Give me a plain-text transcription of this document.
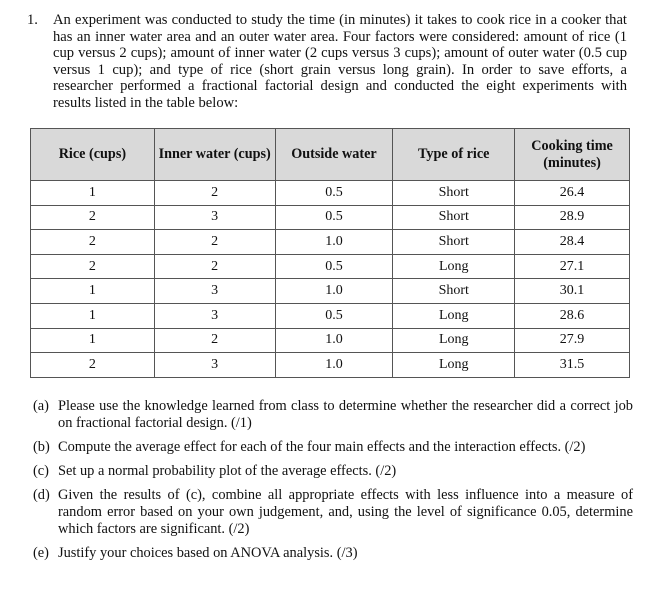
1. An experiment was conducted to study the time (in minutes) it takes to cook rice in a cooker that has an inner water area and an outer water area. Four factors were considered: amount of rice (1 cup versus 2 cups); amount of inner water (2 cups versus 3 cups); amount of outer water (0.5 cup versus 1 cup); and type of rice (short grain versus long grain). In order to save efforts, a researcher performed a fractional factorial design and conducted the eight experiments with results listed in the table below:
Rice (cups)	Inner water (cups)	Outside water	Type of rice	Cooking time (minutes)
1	2	0.5	Short	26.4
2	3	0.5	Short	28.9
2	2	1.0	Short	28.4
2	2	0.5	Long	27.1
1	3	1.0	Short	30.1
1	3	0.5	Long	28.6
1	2	1.0	Long	27.9
2	3	1.0	Long	31.5
(a) Please use the knowledge learned from class to determine whether the researcher did a correct job on fractional factorial design. (/1)
(b) Compute the average effect for each of the four main effects and the interaction effects. (/2)
(c) Set up a normal probability plot of the average effects. (/2)
(d) Given the results of (c), combine all appropriate effects with less influence into a measure of random error based on your own judgement, and, using the level of significance 0.05, determine which factors are significant. (/2)
(e) Justify your choices based on ANOVA analysis. (/3)
